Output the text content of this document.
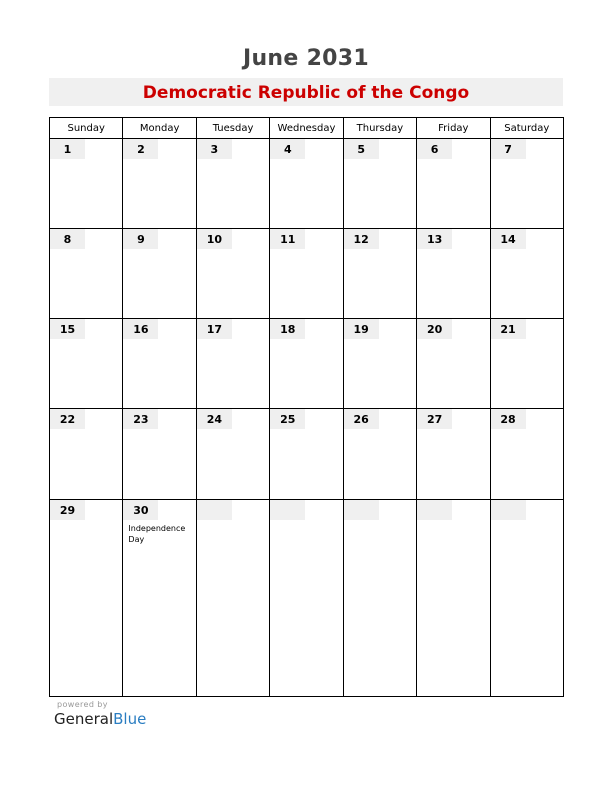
June 2031
Democratic Republic of the Congo
Sunday	Monday	Tuesday	Wednesday	Thursday	Friday	Saturday

1	2	3	4	5	6	7

8	9	10	11	12	13	14

15	16	17	18	19	20	21

22	23	24	25	26	27	28

29	30
Independence Day					

powered by
GeneralBlue
